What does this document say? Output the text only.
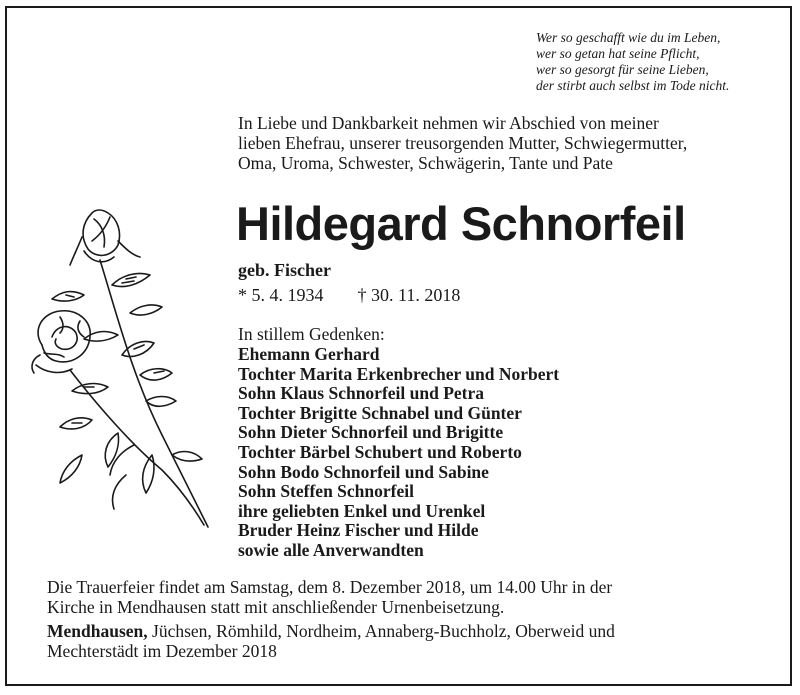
Wer so geschafft wie du im Leben,
wer so getan hat seine Pflicht,
wer so gesorgt für seine Lieben,
der stirbt auch selbst im Tode nicht.
In Liebe und Dankbarkeit nehmen wir Abschied von meiner
lieben Ehefrau, unserer treusorgenden Mutter, Schwiegermutter,
Oma, Uroma, Schwester, Schwägerin, Tante und Pate
Hildegard Schnorfeil
geb. Fischer
* 5. 4. 1934 † 30. 11. 2018
In stillem Gedenken:
Ehemann Gerhard
Tochter Marita Erkenbrecher und Norbert
Sohn Klaus Schnorfeil und Petra
Tochter Brigitte Schnabel und Günter
Sohn Dieter Schnorfeil und Brigitte
Tochter Bärbel Schubert und Roberto
Sohn Bodo Schnorfeil und Sabine
Sohn Steffen Schnorfeil
ihre geliebten Enkel und Urenkel
Bruder Heinz Fischer und Hilde
sowie alle Anverwandten
Die Trauerfeier findet am Samstag, dem 8. Dezember 2018, um 14.00 Uhr in der
Kirche in Mendhausen statt mit anschließender Urnenbeisetzung.
Mendhausen, Jüchsen, Römhild, Nordheim, Annaberg-Buchholz, Oberweid und
Mechterstädt im Dezember 2018
